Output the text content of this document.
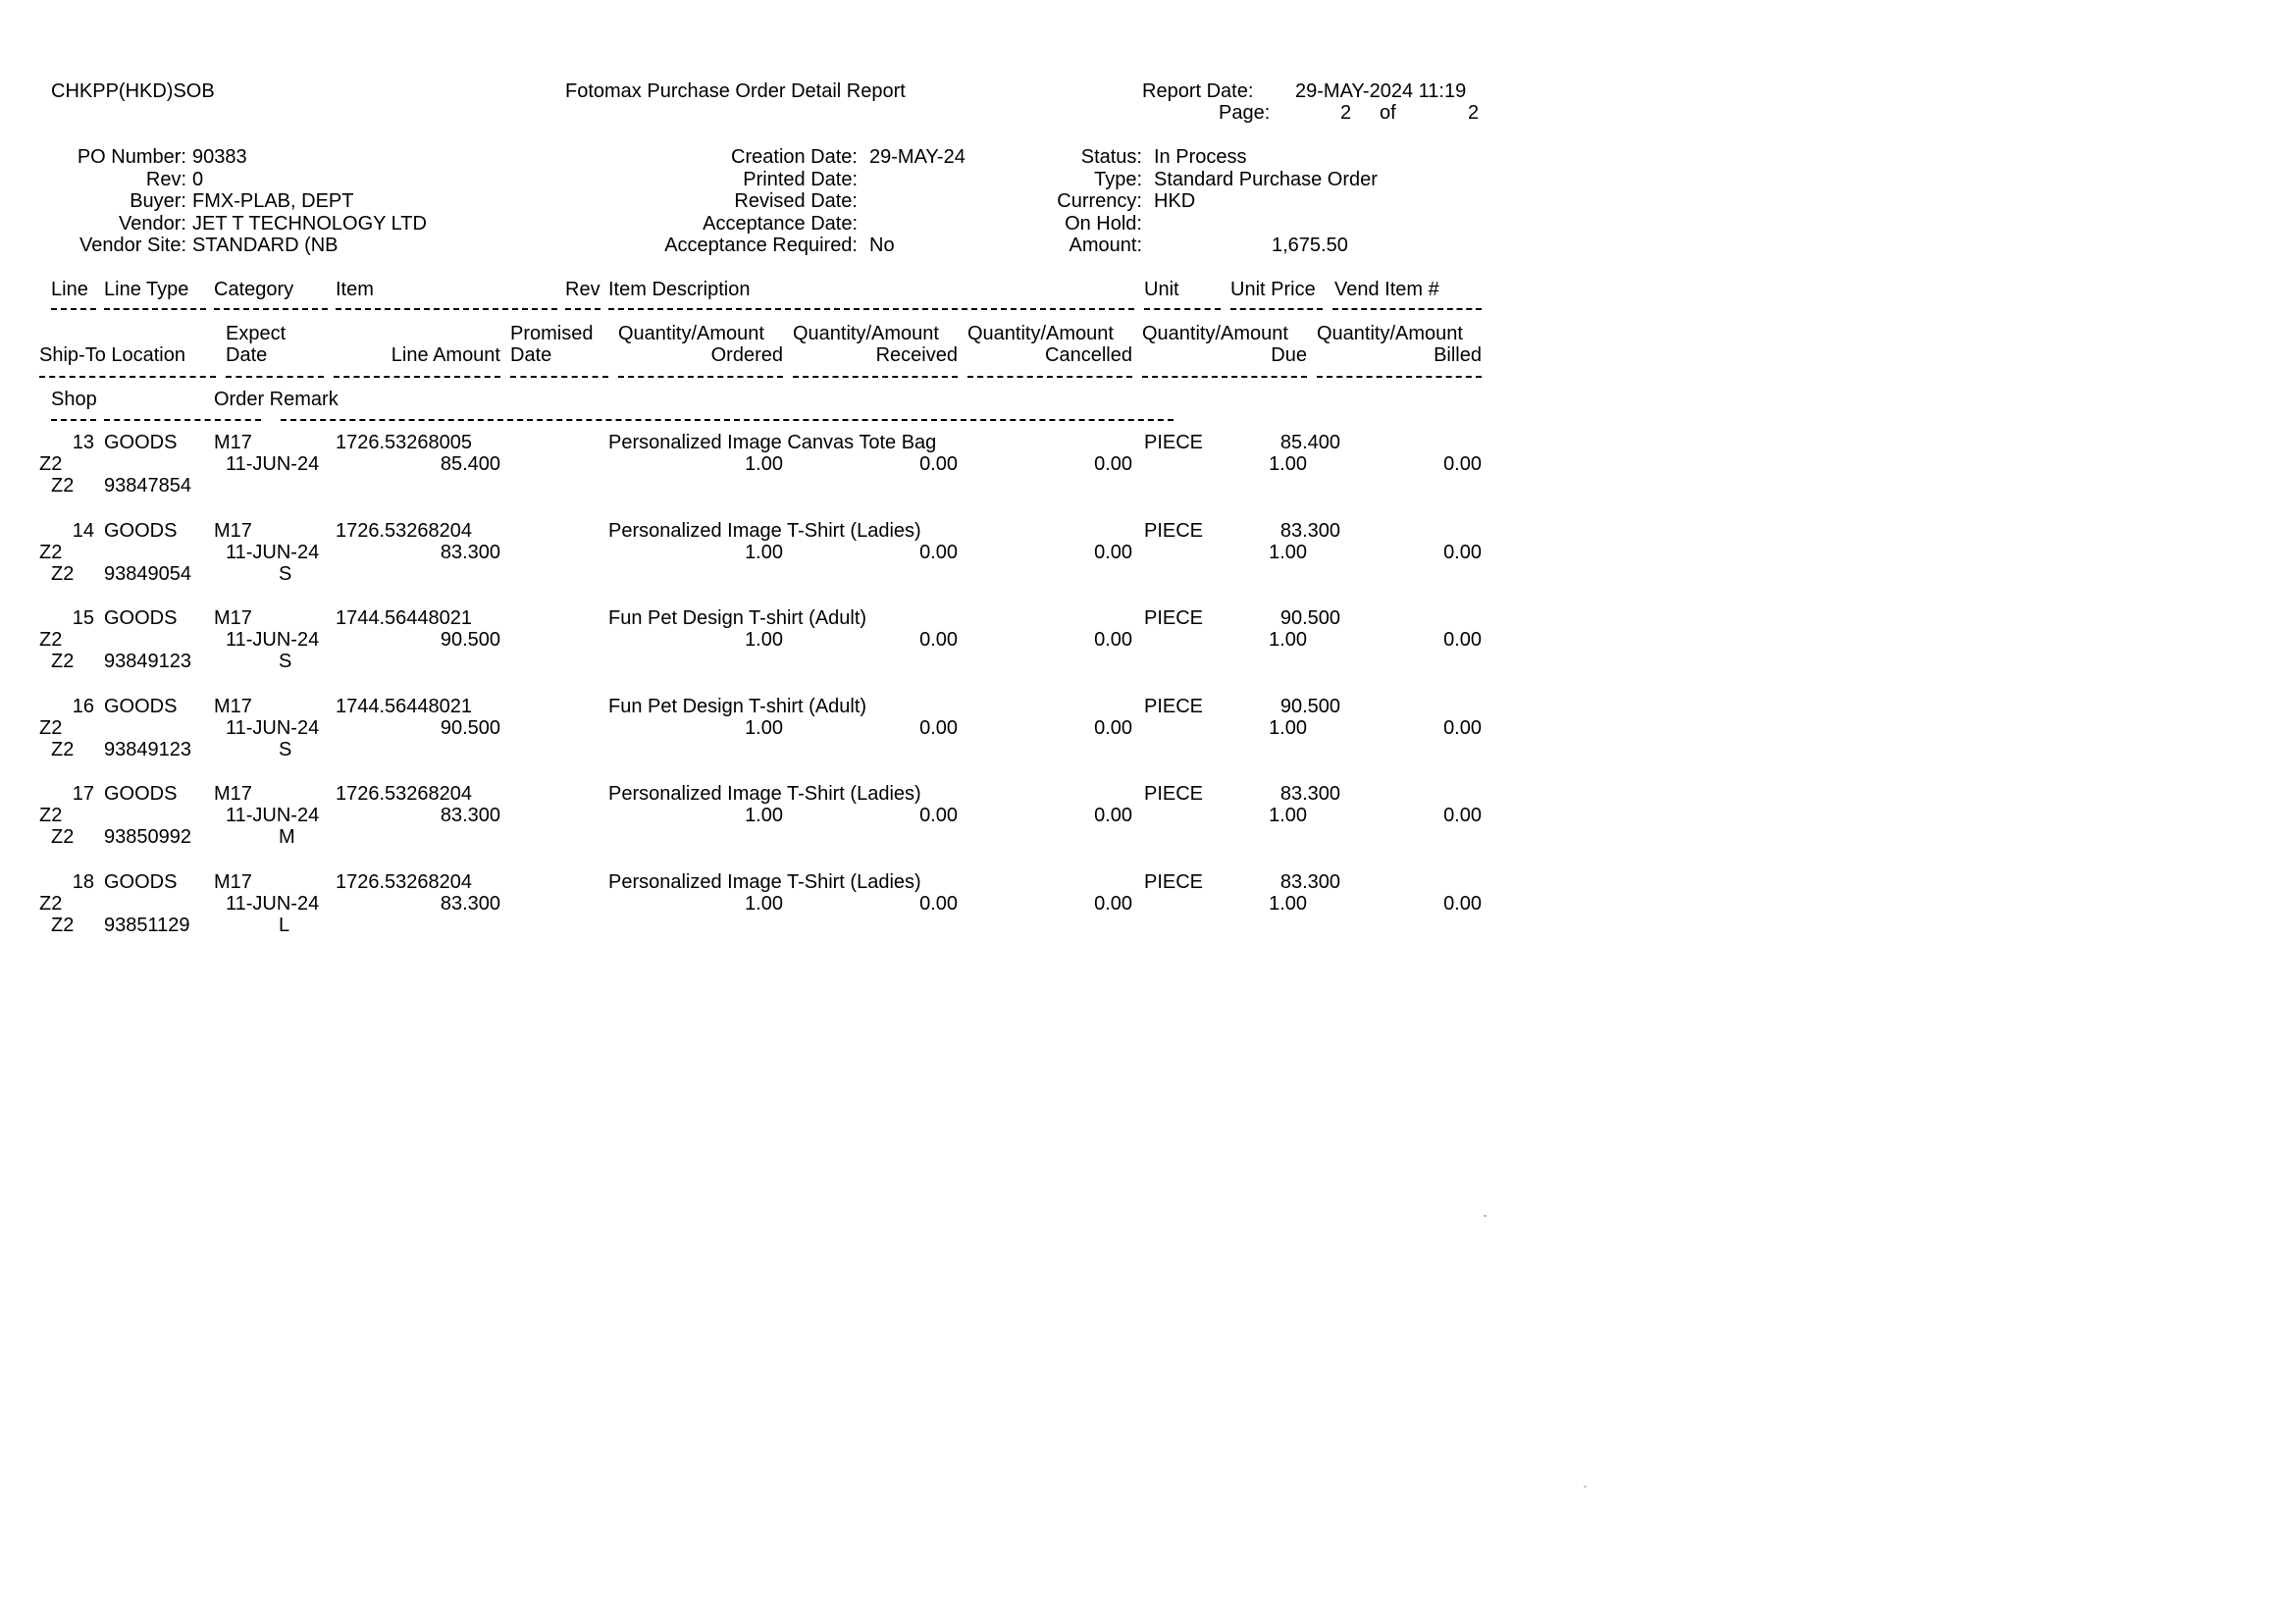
CHKPP(HKD)SOB	Fotomax Purchase Order Detail Report	Report Date: 29-MAY-2024 11:19
Page:	2 of	2
PO Number: 90383
Rev: 0
Buyer: FMX-PLAB, DEPT
Vendor: JET T TECHNOLOGY LTD
Vendor Site: STANDARD (NB
Creation Date: 29-MAY-24
Printed Date:
Revised Date:
Acceptance Date:
Acceptance Required: No
Status: In Process
Type: Standard Purchase Order
Currency: HKD
On Hold:
Amount:	1,675.50
Line Line Type Category Item	Rev Item Description	Unit	Unit Price Vend Item #
Expect	Promised Quantity/Amount Quantity/Amount Quantity/Amount Quantity/Amount Quantity/Amount
Ship-To Location Date	Line Amount Date	Ordered	Received	Cancelled	Due	Billed
Shop	Order Remark
13 GOODS M17	1726.53268005	Personalized Image Canvas Tote Bag	PIECE	85.400
Z2	11-JUN-24	85.400	1.00	0.00	0.00	1.00	0.00
Z2 93847854
14 GOODS M17	1726.53268204	Personalized Image T-Shirt (Ladies)	PIECE	83.300
Z2	11-JUN-24	83.300	1.00	0.00	0.00	1.00	0.00
Z2 93849054	S
15 GOODS M17	1744.56448021	Fun Pet Design T-shirt (Adult)	PIECE	90.500
Z2	11-JUN-24	90.500	1.00	0.00	0.00	1.00	0.00
Z2 93849123	S
16 GOODS M17	1744.56448021	Fun Pet Design T-shirt (Adult)	PIECE	90.500
Z2	11-JUN-24	90.500	1.00	0.00	0.00	1.00	0.00
Z2 93849123	S
17 GOODS M17	1726.53268204	Personalized Image T-Shirt (Ladies)	PIECE	83.300
Z2	11-JUN-24	83.300	1.00	0.00	0.00	1.00	0.00
Z2 93850992	M
18 GOODS M17	1726.53268204	Personalized Image T-Shirt (Ladies)	PIECE	83.300
Z2	11-JUN-24	83.300	1.00	0.00	0.00	1.00	0.00
Z2 93851129	L
